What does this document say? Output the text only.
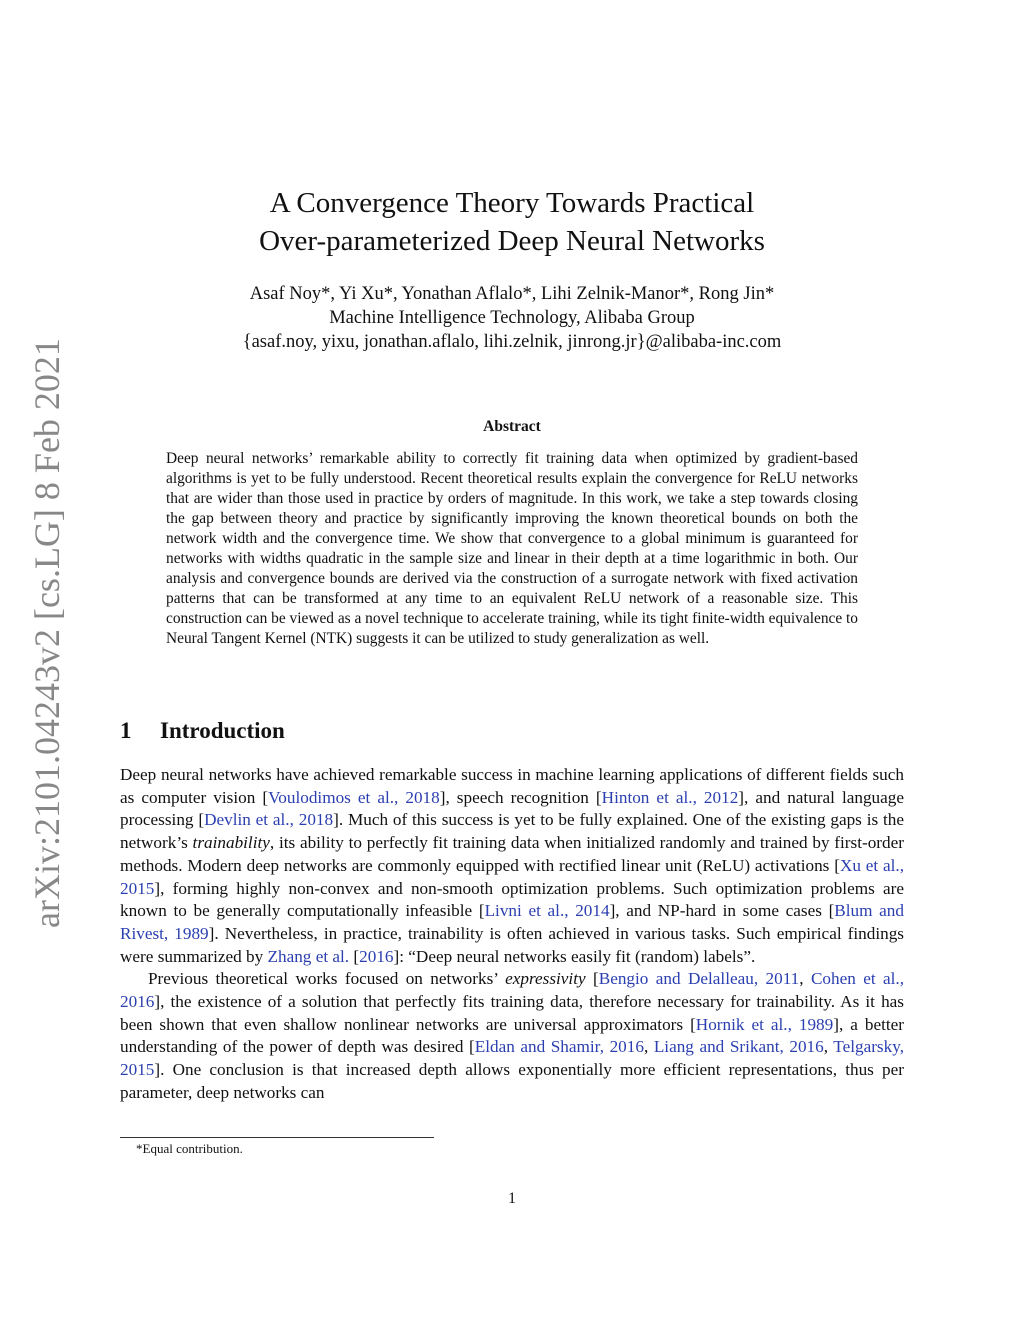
arXiv:2101.04243v2 [cs.LG] 8 Feb 2021
A Convergence Theory Towards Practical
Over-parameterized Deep Neural Networks
Asaf Noy*, Yi Xu*, Yonathan Aflalo*, Lihi Zelnik-Manor*, Rong Jin*
Machine Intelligence Technology, Alibaba Group
{asaf.noy, yixu, jonathan.aflalo, lihi.zelnik, jinrong.jr}@alibaba-inc.com
Abstract
Deep neural networks’ remarkable ability to correctly fit training data when optimized by gradient-based algorithms is yet to be fully understood. Recent theoretical results explain the convergence for ReLU networks that are wider than those used in practice by orders of magnitude. In this work, we take a step towards closing the gap between theory and practice by significantly improving the known theoretical bounds on both the network width and the convergence time. We show that convergence to a global minimum is guaranteed for networks with widths quadratic in the sample size and linear in their depth at a time logarithmic in both. Our analysis and convergence bounds are derived via the construction of a surrogate network with fixed activation patterns that can be transformed at any time to an equivalent ReLU network of a reasonable size. This construction can be viewed as a novel technique to accelerate training, while its tight finite-width equivalence to Neural Tangent Kernel (NTK) suggests it can be utilized to study generalization as well.
1 Introduction

Deep neural networks have achieved remarkable success in machine learning applications of different fields such as computer vision [Voulodimos et al., 2018], speech recognition [Hinton et al., 2012], and natural language processing [Devlin et al., 2018]. Much of this success is yet to be fully explained. One of the existing gaps is the network’s trainability, its ability to perfectly fit training data when initialized randomly and trained by first-order methods. Modern deep networks are commonly equipped with rectified linear unit (ReLU) activations [Xu et al., 2015], forming highly non-convex and non-smooth optimization problems. Such optimization problems are known to be generally computationally infeasible [Livni et al., 2014], and NP-hard in some cases [Blum and Rivest, 1989]. Nevertheless, in practice, trainability is often achieved in various tasks. Such empirical findings were summarized by Zhang et al. [2016]: “Deep neural networks easily fit (random) labels”.

Previous theoretical works focused on networks’ expressivity [Bengio and Delalleau, 2011, Cohen et al., 2016], the existence of a solution that perfectly fits training data, therefore necessary for trainability. As it has been shown that even shallow nonlinear networks are universal approximators [Hornik et al., 1989], a better understanding of the power of depth was desired [Eldan and Shamir, 2016, Liang and Srikant, 2016, Telgarsky, 2015]. One conclusion is that increased depth allows exponentially more efficient representations, thus per parameter, deep networks can

*Equal contribution.
1
